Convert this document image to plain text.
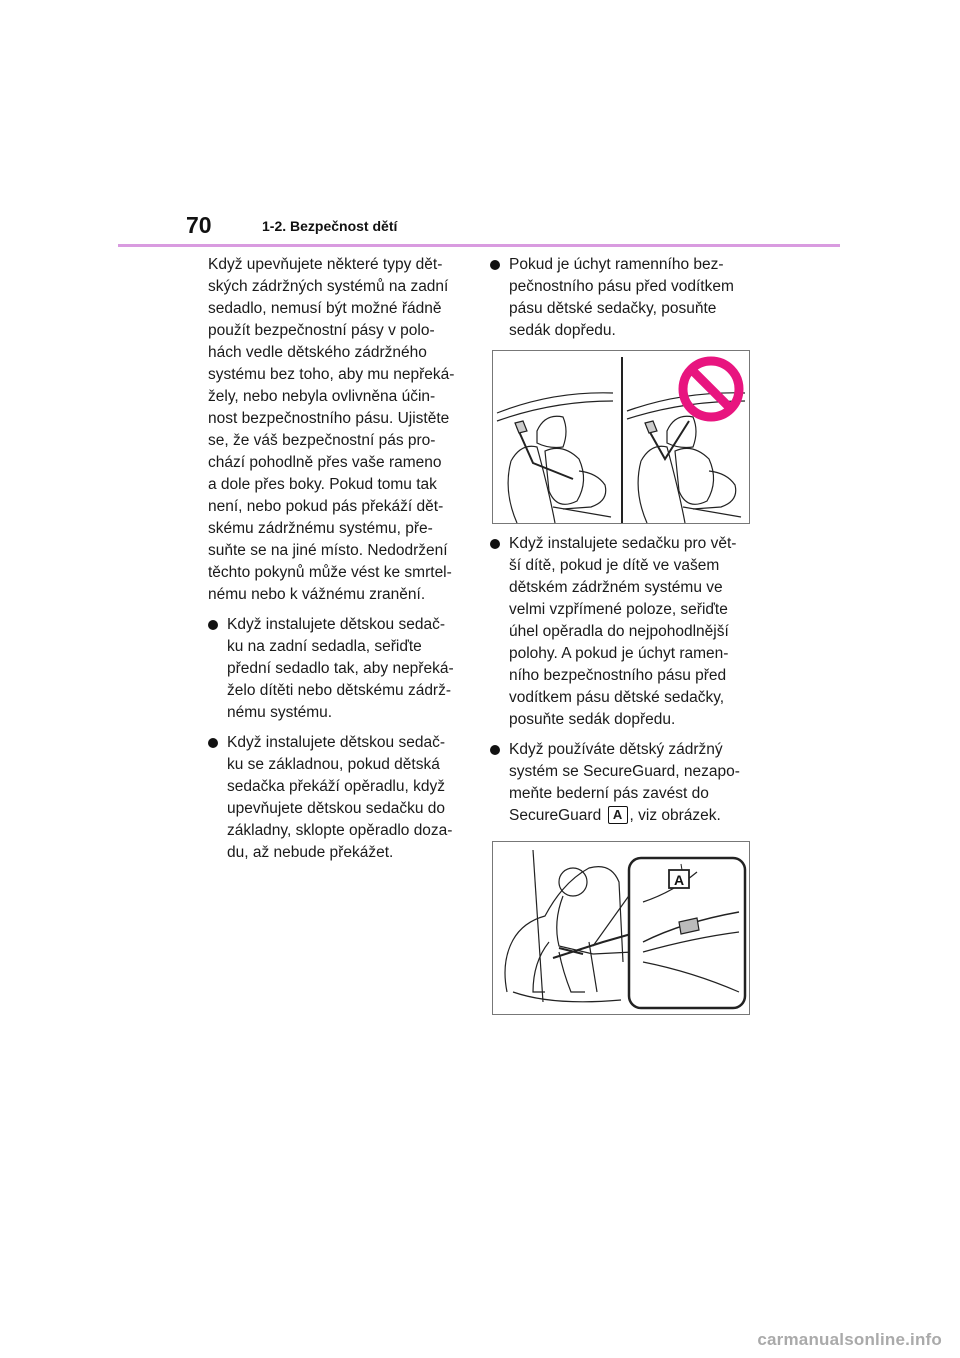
70	1-2. Bezpečnost dětí

Když upevňujete některé typy dět-
ských zádržných systémů na zadní
sedadlo, nemusí být možné řádně
použít bezpečnostní pásy v polo-
hách vedle dětského zádržného
systému bez toho, aby mu nepřeká-
žely, nebo nebyla ovlivněna účin-
nost bezpečnostního pásu. Ujistěte
se, že váš bezpečnostní pás pro-
chází pohodlně přes vaše rameno
a dole přes boky. Pokud tomu tak
není, nebo pokud pás překáží dět-
skému zádržnému systému, pře-
suňte se na jiné místo. Nedodržení
těchto pokynů může vést ke smrtel-
nému nebo k vážnému zranění.

Když instalujete dětskou sedač-
ku na zadní sedadla, seřiďte
přední sedadlo tak, aby nepřeká-
želo dítěti nebo dětskému zádrž-
nému systému.
Když instalujete dětskou sedač-
ku se základnou, pokud dětská
sedačka překáží opěradlu, když
upevňujete dětskou sedačku do
základny, sklopte opěradlo doza-
du, až nebude překážet.
Pokud je úchyt ramenního bez-
pečnostního pásu před vodítkem
pásu dětské sedačky, posuňte
sedák dopředu.
Když instalujete sedačku pro vět-
ší dítě, pokud je dítě ve vašem
dětském zádržném systému ve
velmi vzpřímené poloze, seřiďte
úhel opěradla do nejpohodlnější
polohy. A pokud je úchyt ramen-
ního bezpečnostního pásu před
vodítkem pásu dětské sedačky,
posuňte sedák dopředu.
Když používáte dětský zádržný
systém se SecureGuard, nezapo-
meňte bederní pás zavést do
SecureGuard A , viz obrázek.
A
carmanualsonline.info
